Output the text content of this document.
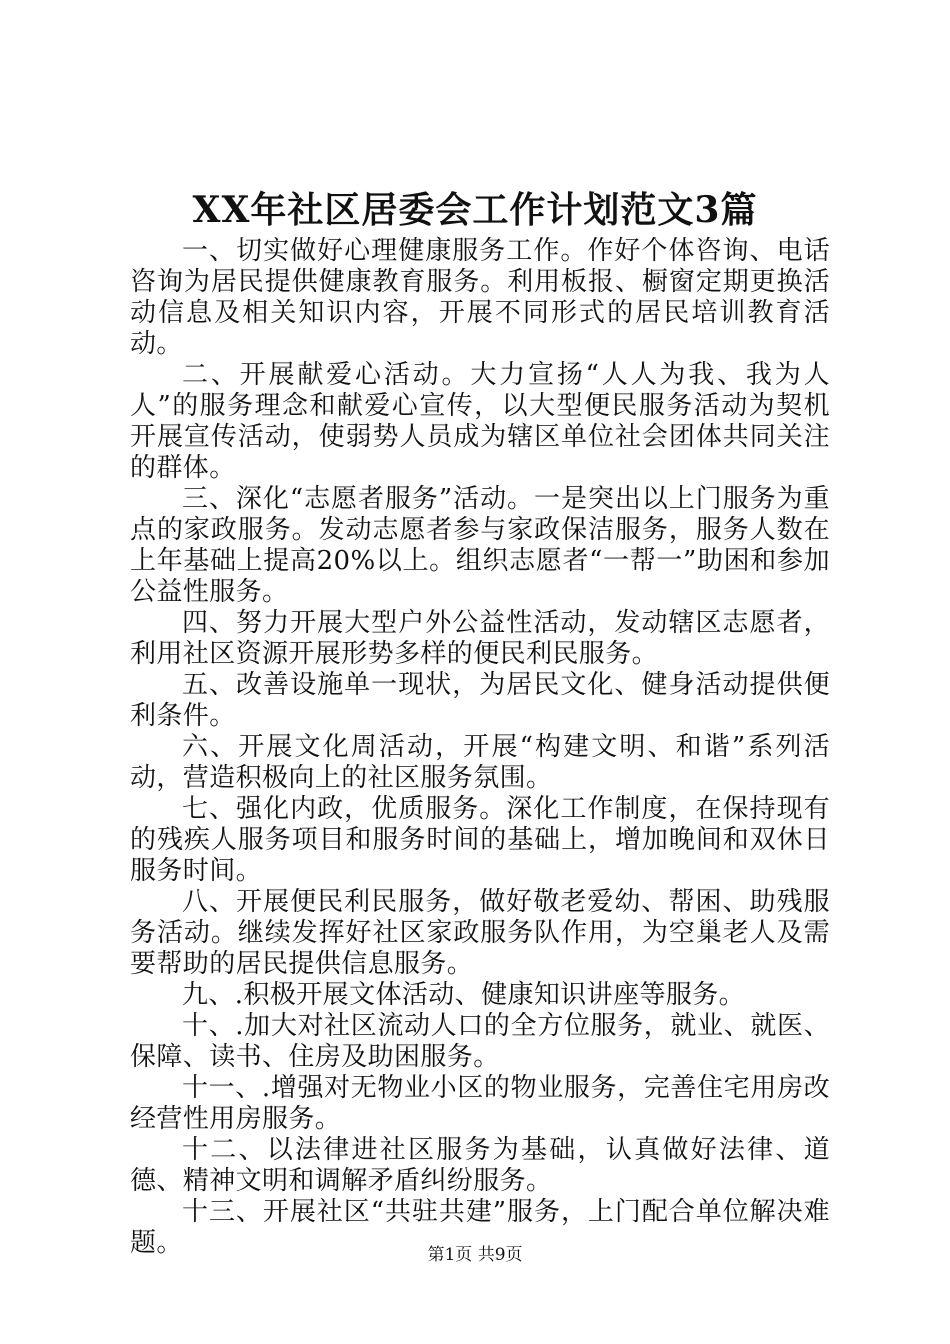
XX年社区居委会工作计划范文3篇

一、切实做好心理健康服务工作。作好个体咨询、电话咨询为居民提供健康教育服务。利用板报、橱窗定期更换活动信息及相关知识内容，开展不同形式的居民培训教育活动。

二、开展献爱心活动。大力宣扬“人人为我、我为人人”的服务理念和献爱心宣传，以大型便民服务活动为契机开展宣传活动，使弱势人员成为辖区单位社会团体共同关注的群体。

三、深化“志愿者服务”活动。一是突出以上门服务为重点的家政服务。发动志愿者参与家政保洁服务，服务人数在上年基础上提高20%以上。组织志愿者“一帮一”助困和参加公益性服务。

四、努力开展大型户外公益性活动，发动辖区志愿者，利用社区资源开展形势多样的便民利民服务。

五、改善设施单一现状，为居民文化、健身活动提供便利条件。

六、开展文化周活动，开展“构建文明、和谐”系列活动，营造积极向上的社区服务氛围。

七、强化内政，优质服务。深化工作制度，在保持现有的残疾人服务项目和服务时间的基础上，增加晚间和双休日服务时间。

八、开展便民利民服务，做好敬老爱幼、帮困、助残服务活动。继续发挥好社区家政服务队作用，为空巢老人及需要帮助的居民提供信息服务。

九、.积极开展文体活动、健康知识讲座等服务。

十、.加大对社区流动人口的全方位服务，就业、就医、保障、读书、住房及助困服务。

十一、.增强对无物业小区的物业服务，完善住宅用房改经营性用房服务。

十二、以法律进社区服务为基础，认真做好法律、道德、精神文明和调解矛盾纠纷服务。

十三、开展社区“共驻共建”服务，上门配合单位解决难题。	第1页 共9页
